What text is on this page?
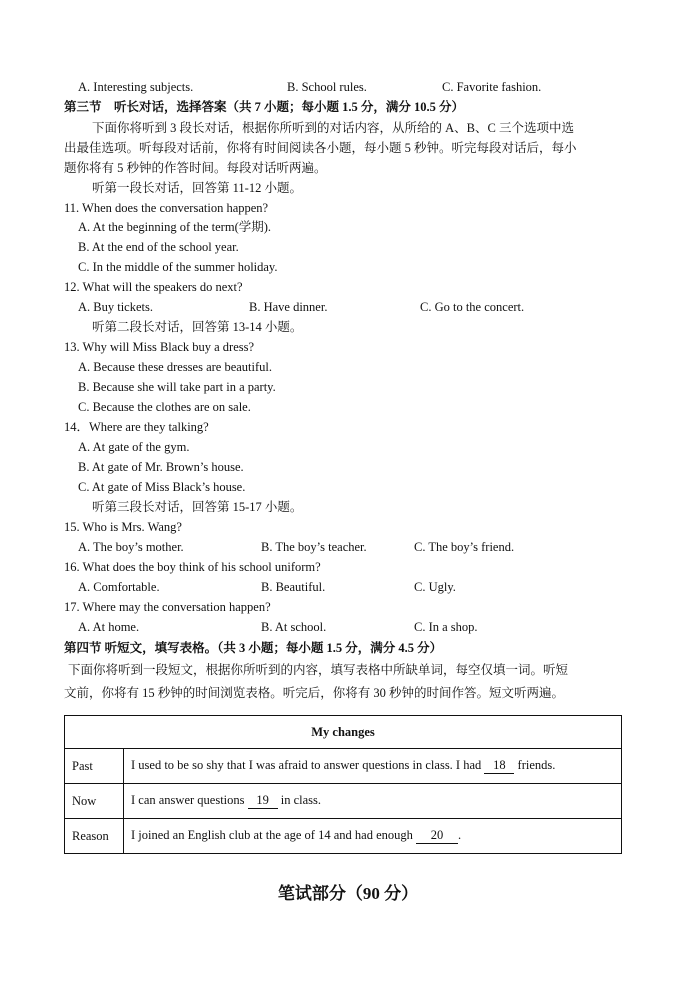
A. Interesting subjects.	B. School rules.	C. Favorite fashion.
第三节　听长对话，选择答案（共 7 小题；每小题 1.5 分，满分 10.5 分）
下面你将听到 3 段长对话，根据你所听到的对话内容，从所给的 A、B、C 三个选项中选
出最佳选项。听每段对话前，你将有时间阅读各小题，每小题 5 秒钟。听完每段对话后，每小
题你将有 5 秒钟的作答时间。每段对话听两遍。
听第一段长对话，回答第 11-12 小题。
11. When does the conversation happen?
A. At the beginning of the term(学期).
B. At the end of the school year.
C. In the middle of the summer holiday.
12. What will the speakers do next?
A. Buy tickets.	B. Have dinner.	C. Go to the concert.
听第二段长对话，回答第 13-14 小题。
13. Why will Miss Black buy a dress?
A. Because these dresses are beautiful.
B. Because she will take part in a party.
C. Because the clothes are on sale.
14．Where are they talking?
A. At gate of the gym.
B. At gate of Mr. Brown’s house.
C. At gate of Miss Black’s house.
听第三段长对话，回答第 15-17 小题。
15. Who is Mrs. Wang?
A. The boy’s mother.	B. The boy’s teacher.	C. The boy’s friend.
16. What does the boy think of his school uniform?
A. Comfortable.	B. Beautiful.	C. Ugly.
17. Where may the conversation happen?
A. At home.	B. At school.	C. In a shop.
第四节 听短文，填写表格。（共 3 小题；每小题 1.5 分，满分 4.5 分）
下面你将听到一段短文，根据你所听到的内容，填写表格中所缺单词，每空仅填一词。听短
文前，你将有 15 秒钟的时间浏览表格。听完后，你将有 30 秒钟的时间作答。短文听两遍。
My changes	
Past	I used to be so shy that I was afraid to answer questions in class. I had 18 friends.
Now	I can answer questions 19 in class.
Reason	I joined an English club at the age of 14 and had enough 20 .
笔试部分（90 分）
